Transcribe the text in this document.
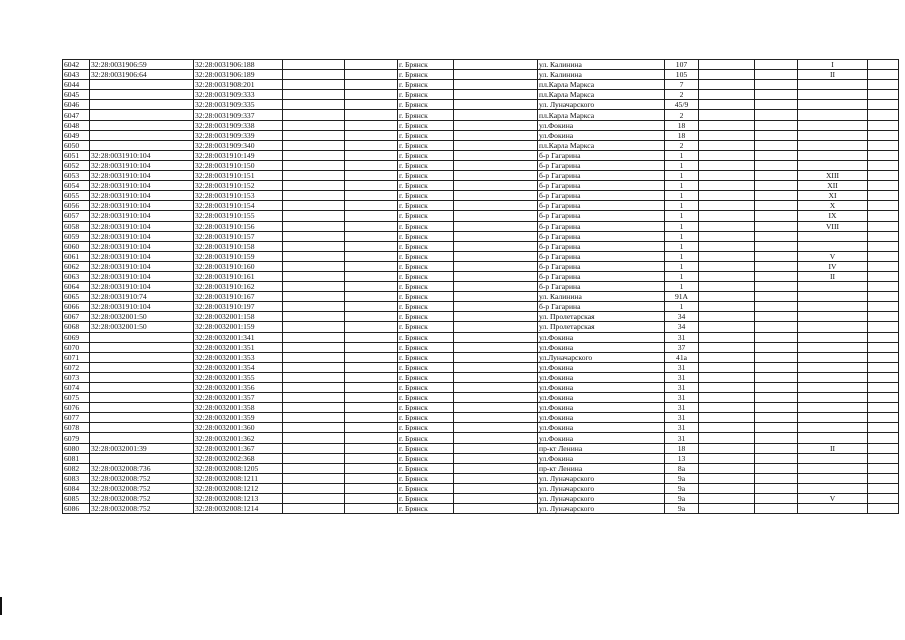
6042	32:28:0031906:59	32:28:0031906:188			г. Брянск		ул. Калинина	107			I	
6043	32:28:0031906:64	32:28:0031906:189			г. Брянск		ул. Калинина	105			II	
6044		32:28:0031908:201			г. Брянск		пл.Карла Маркса	7				
6045		32:28:0031909:333			г. Брянск		пл.Карла Маркса	2				
6046		32:28:0031909:335			г. Брянск		ул. Луначарского	45/9				
6047		32:28:0031909:337			г. Брянск		пл.Карла Маркса	2				
6048		32:28:0031909:338			г. Брянск		ул.Фокина	18				
6049		32:28:0031909:339			г. Брянск		ул.Фокина	18				
6050		32:28:0031909:340			г. Брянск		пл.Карла Маркса	2				
6051	32:28:0031910:104	32:28:0031910:149			г. Брянск		б-р Гагарина	1				
6052	32:28:0031910:104	32:28:0031910:150			г. Брянск		б-р Гагарина	1				
6053	32:28:0031910:104	32:28:0031910:151			г. Брянск		б-р Гагарина	1			XIII	
6054	32:28:0031910:104	32:28:0031910:152			г. Брянск		б-р Гагарина	1			XII	
6055	32:28:0031910:104	32:28:0031910:153			г. Брянск		б-р Гагарина	1			XI	
6056	32:28:0031910:104	32:28:0031910:154			г. Брянск		б-р Гагарина	1			X	
6057	32:28:0031910:104	32:28:0031910:155			г. Брянск		б-р Гагарина	1			IX	
6058	32:28:0031910:104	32:28:0031910:156			г. Брянск		б-р Гагарина	1			VIII	
6059	32:28:0031910:104	32:28:0031910:157			г. Брянск		б-р Гагарина	1				
6060	32:28:0031910:104	32:28:0031910:158			г. Брянск		б-р Гагарина	1				
6061	32:28:0031910:104	32:28:0031910:159			г. Брянск		б-р Гагарина	1			V	
6062	32:28:0031910:104	32:28:0031910:160			г. Брянск		б-р Гагарина	1			IV	
6063	32:28:0031910:104	32:28:0031910:161			г. Брянск		б-р Гагарина	1			II	
6064	32:28:0031910:104	32:28:0031910:162			г. Брянск		б-р Гагарина	1				
6065	32:28:0031910:74	32:28:0031910:167			г. Брянск		ул. Калинина	91А				
6066	32:28:0031910:104	32:28:0031910:197			г. Брянск		б-р Гагарина	1				
6067	32:28:0032001:50	32:28:0032001:158			г. Брянск		ул. Пролетарская	34				
6068	32:28:0032001:50	32:28:0032001:159			г. Брянск		ул. Пролетарская	34				
6069		32:28:0032001:341			г. Брянск		ул.Фокина	31				
6070		32:28:0032001:351			г. Брянск		ул.Фокина	37				
6071		32:28:0032001:353			г. Брянск		ул.Луначарского	41а				
6072		32:28:0032001:354			г. Брянск		ул.Фокина	31				
6073		32:28:0032001:355			г. Брянск		ул.Фокина	31				
6074		32:28:0032001:356			г. Брянск		ул.Фокина	31				
6075		32:28:0032001:357			г. Брянск		ул.Фокина	31				
6076		32:28:0032001:358			г. Брянск		ул.Фокина	31				
6077		32:28:0032001:359			г. Брянск		ул.Фокина	31				
6078		32:28:0032001:360			г. Брянск		ул.Фокина	31				
6079		32:28:0032001:362			г. Брянск		ул.Фокина	31				
6080	32:28:0032001:39	32:28:0032001:367			г. Брянск		пр-кт Ленина	18			II	
6081		32:28:0032002:368			г. Брянск		ул.Фокина	13				
6082	32:28:0032008:736	32:28:0032008:1205			г. Брянск		пр-кт Ленина	8а				
6083	32:28:0032008:752	32:28:0032008:1211			г. Брянск		ул. Луначарского	9а				
6084	32:28:0032008:752	32:28:0032008:1212			г. Брянск		ул. Луначарского	9а				
6085	32:28:0032008:752	32:28:0032008:1213			г. Брянск		ул. Луначарского	9а			V	
6086	32:28:0032008:752	32:28:0032008:1214			г. Брянск		ул. Луначарского	9а				
